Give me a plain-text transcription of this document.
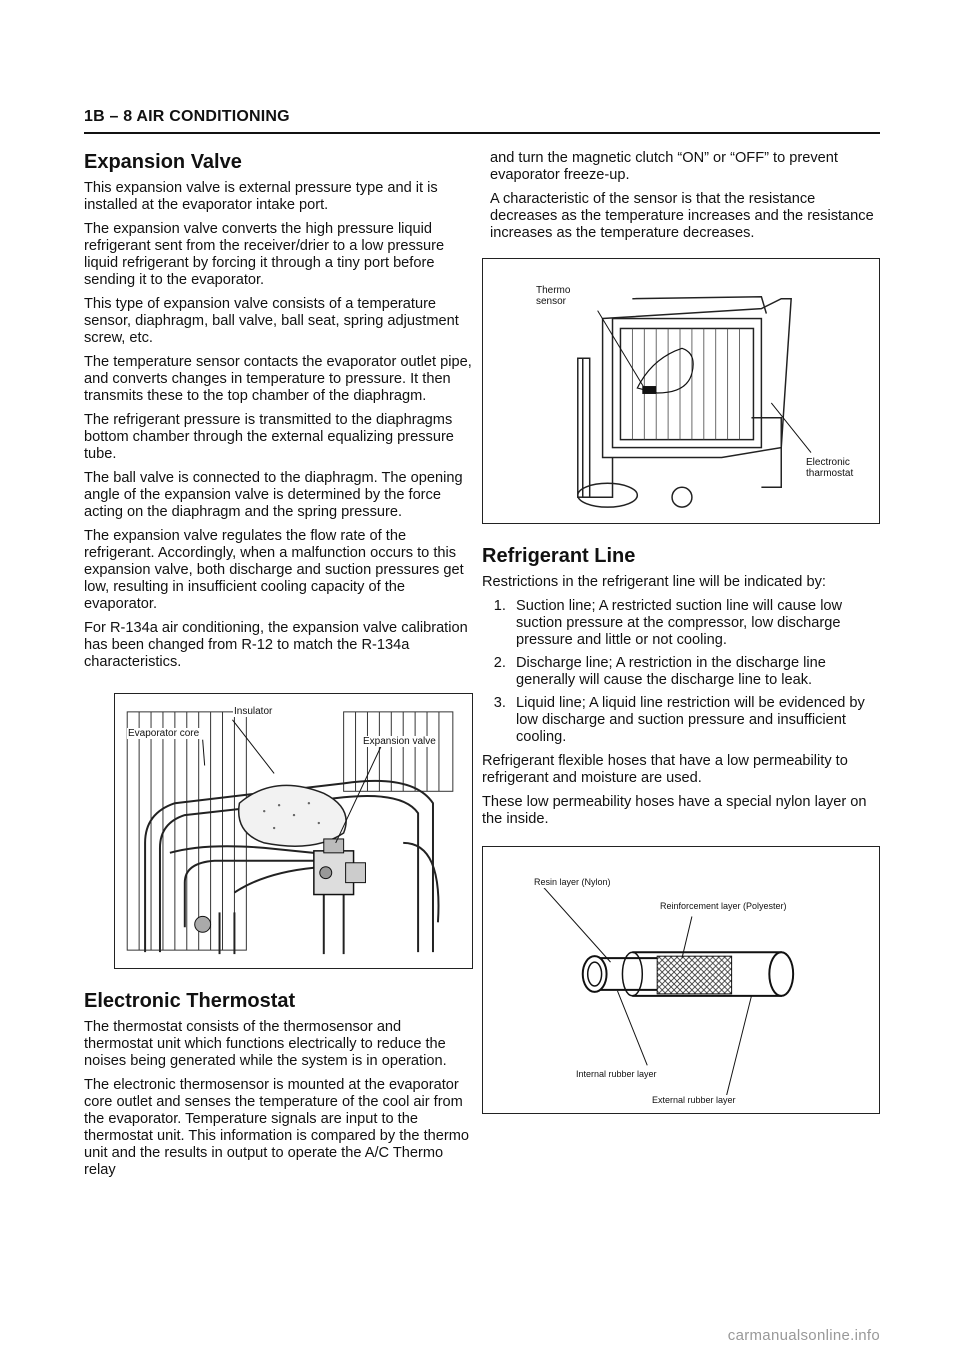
1B – 8 AIR CONDITIONING
Expansion Valve

This expansion valve is external pressure type and it is installed at the evaporator intake port.

The expansion valve converts the high pressure liquid refrigerant sent from the receiver/drier to a low pressure liquid refrigerant by forcing it through a tiny port before sending it to the evaporator.

This type of expansion valve consists of a temperature sensor, diaphragm, ball valve, ball seat, spring adjustment screw, etc.

The temperature sensor contacts the evaporator outlet pipe, and converts changes in temperature to pressure. It then transmits these to the top chamber of the diaphragm.

The refrigerant pressure is transmitted to the diaphragms bottom chamber through the external equalizing pressure tube.

The ball valve is connected to the diaphragm. The opening angle of the expansion valve is determined by the force acting on the diaphragm and the spring pressure.

The expansion valve regulates the flow rate of the refrigerant. Accordingly, when a malfunction occurs to this expansion valve, both discharge and suction pressures get low, resulting in insufficient cooling capacity of the evaporator.

For R-134a air conditioning, the expansion valve calibration has been changed from R-12 to match the R-134a characteristics.

Insulator
Evaporator core
Expansion valve
Electronic Thermostat

The thermostat consists of the thermosensor and thermostat unit which functions electrically to reduce the noises being generated while the system is in operation.

The electronic thermosensor is mounted at the evaporator core outlet and senses the temperature of the cool air from the evaporator. Temperature signals are input to the thermostat unit. This information is compared by the thermo unit and the results in output to operate the A/C Thermo relay

and turn the magnetic clutch “ON” or “OFF” to prevent evaporator freeze-up.

A characteristic of the sensor is that the resistance decreases as the temperature increases and the resistance increases as the temperature decreases.

Thermo sensor
Electronic tharmostat
Refrigerant Line

Restrictions in the refrigerant line will be indicated by:

1. Suction line; A restricted suction line will cause low suction pressure at the compressor, low discharge pressure and little or not cooling.
2. Discharge line; A restriction in the discharge line generally will cause the discharge line to leak.
3. Liquid line; A liquid line restriction will be evidenced by low discharge and suction pressure and insufficient cooling.

Refrigerant flexible hoses that have a low permeability to refrigerant and moisture are used.

These low permeability hoses have a special nylon layer on the inside.

Resin layer (Nylon)
Reinforcement layer (Polyester)
Internal rubber layer
External rubber layer
carmanualsonline.info
